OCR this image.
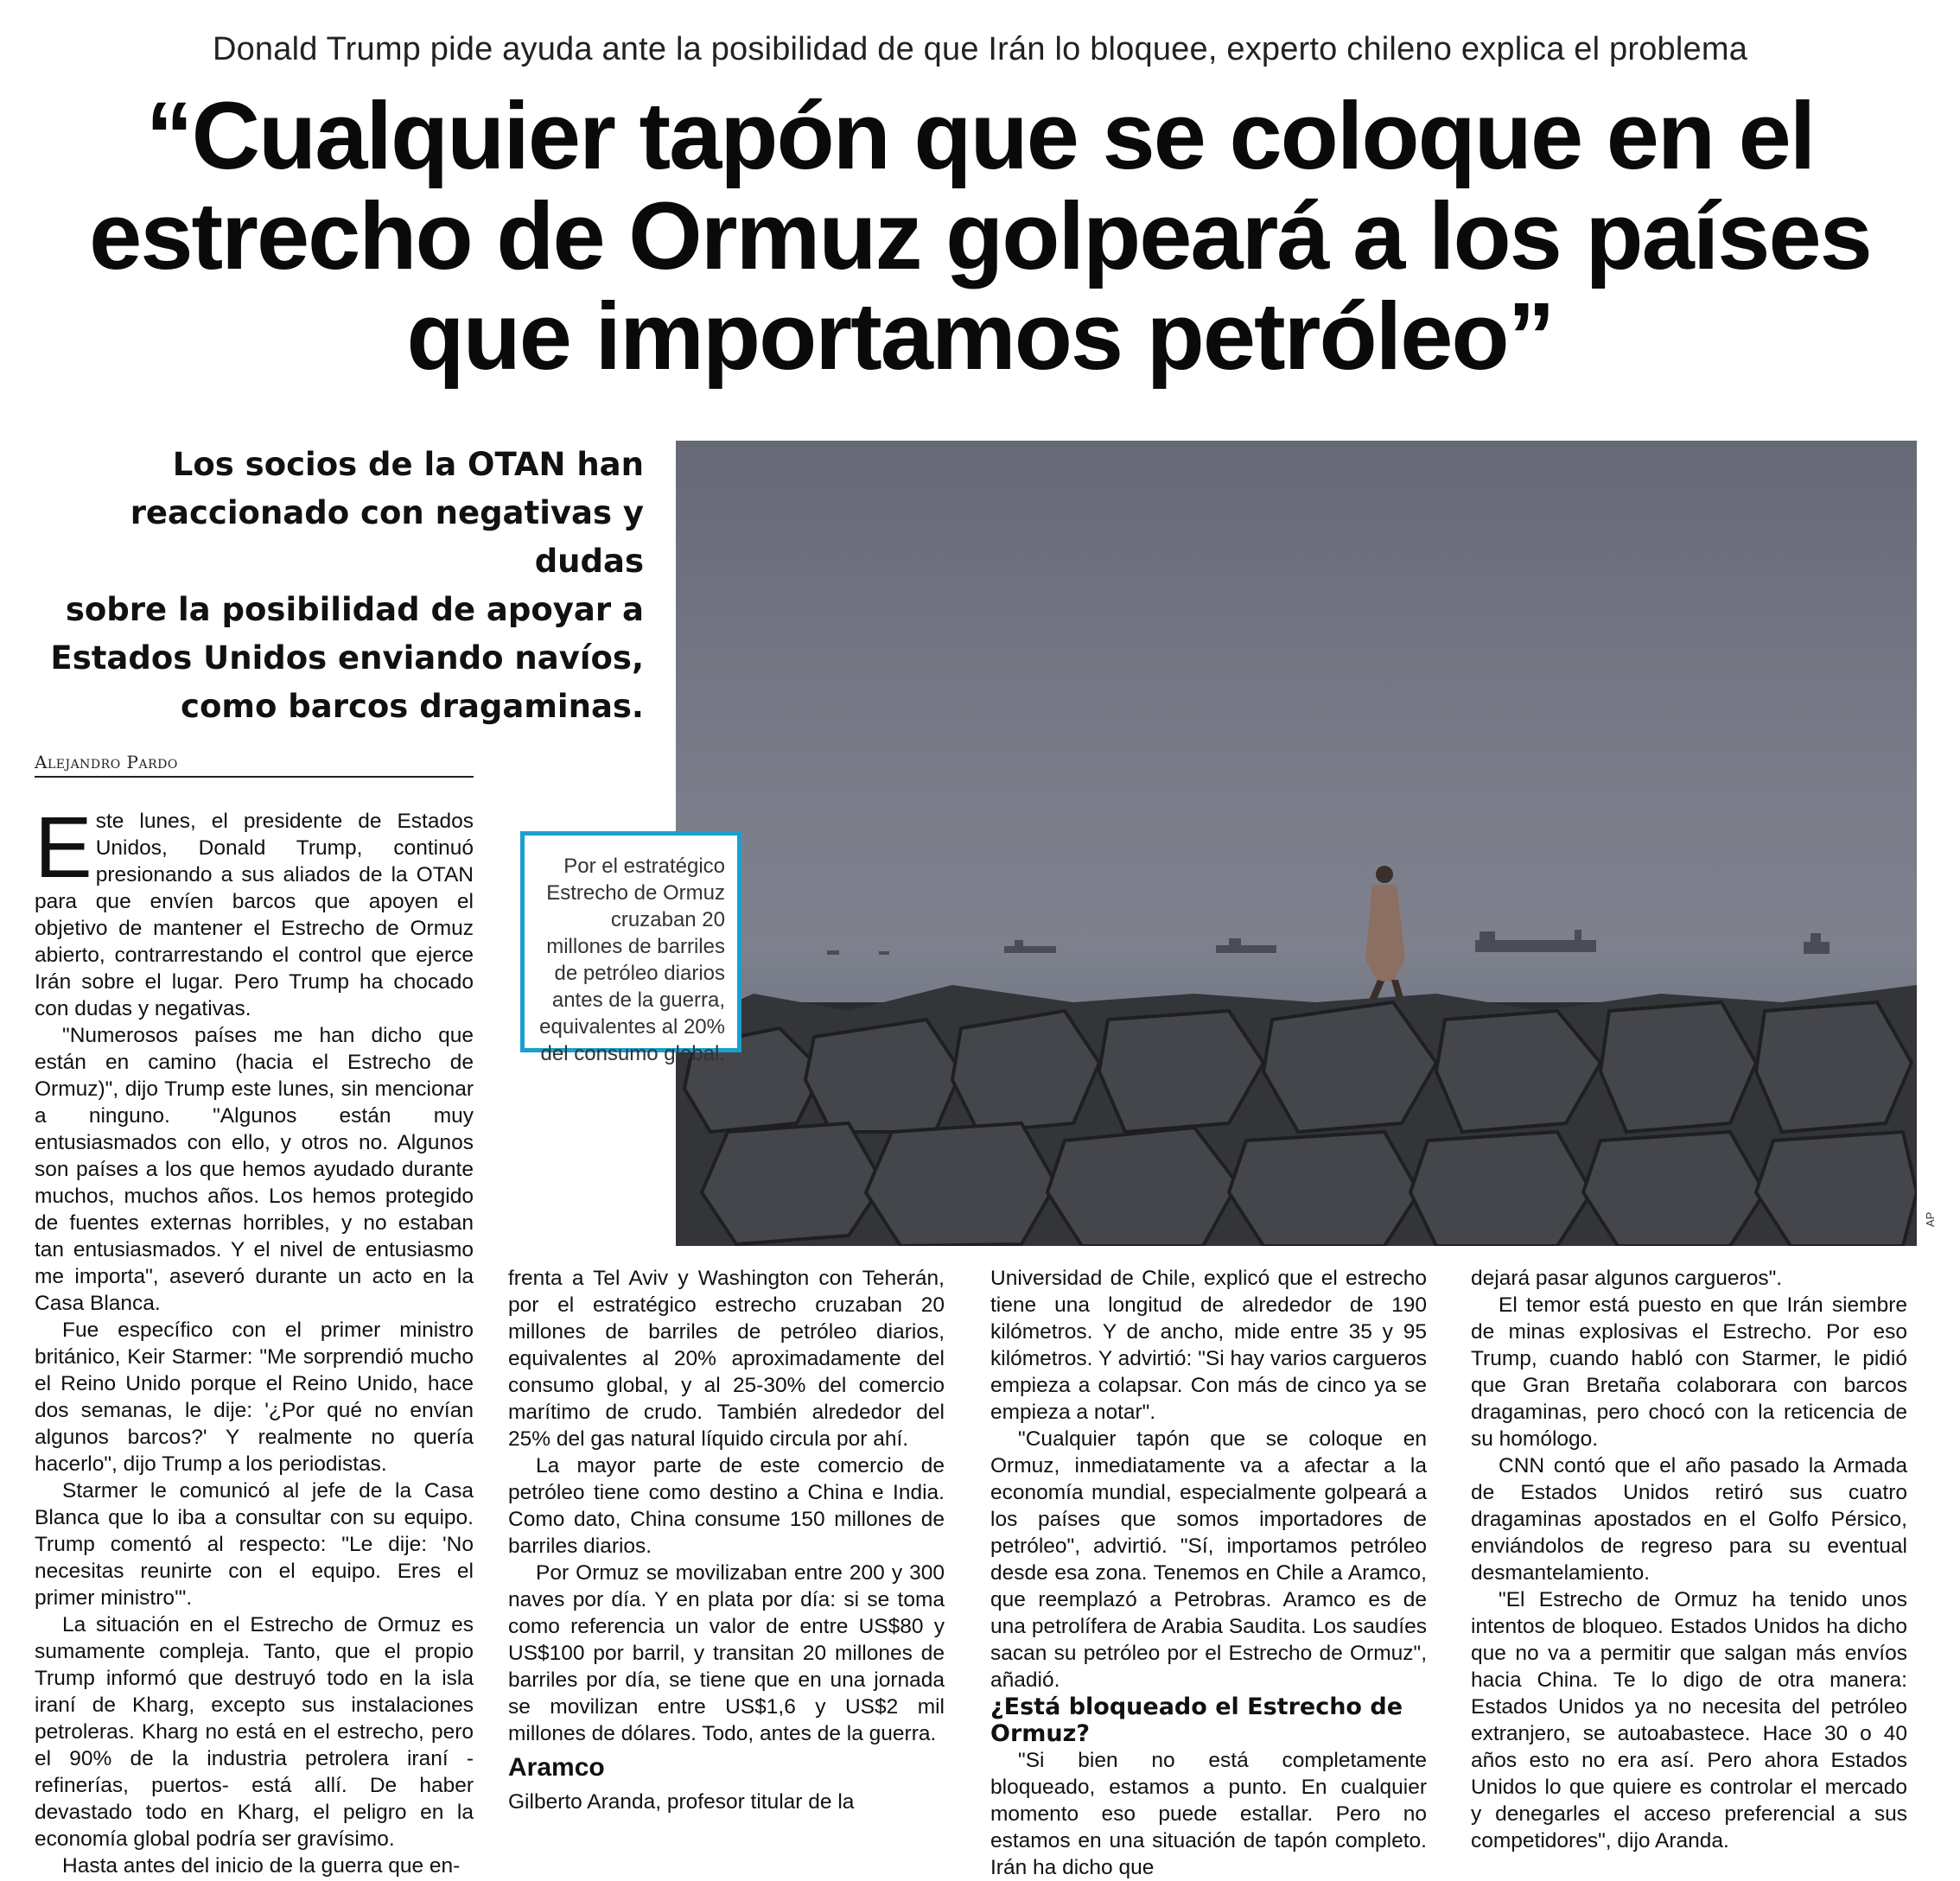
Donald Trump pide ayuda ante la posibilidad de que Irán lo bloquee, experto chileno explica el problema
“Cualquier tapón que se coloque en el
estrecho de Ormuz golpeará a los países
que importamos petróleo”
Los socios de la OTAN han
reaccionado con negativas y dudas
sobre la posibilidad de apoyar a
Estados Unidos enviando navíos,
como barcos dragaminas.
AP
Por el estratégico
Estrecho de Ormuz
cruzaban 20
millones de barriles
de petróleo diarios
antes de la guerra,
equivalentes al 20%
del consumo global.
Alejandro Pardo

Este lunes, el presidente de Estados Unidos, Donald Trump, continuó presionando a sus aliados de la OTAN para que envíen barcos que apoyen el objetivo de mantener el Estrecho de Ormuz abierto, contrarrestando el control que ejerce Irán sobre el lugar. Pero Trump ha chocado con dudas y negativas.

"Numerosos países me han dicho que están en camino (hacia el Estrecho de Ormuz)", dijo Trump este lunes, sin mencionar a ninguno. "Algunos están muy entusiasmados con ello, y otros no. Algunos son países a los que hemos ayudado durante muchos, muchos años. Los hemos protegido de fuentes externas horribles, y no estaban tan entusiasmados. Y el nivel de entusiasmo me importa", aseveró durante un acto en la Casa Blanca.

Fue específico con el primer ministro británico, Keir Starmer: "Me sorprendió mucho el Reino Unido porque el Reino Unido, hace dos semanas, le dije: '¿Por qué no envían algunos barcos?' Y realmente no quería hacerlo", dijo Trump a los periodistas.

Starmer le comunicó al jefe de la Casa Blanca que lo iba a consultar con su equipo. Trump comentó al respecto: "Le dije: 'No necesitas reunirte con el equipo. Eres el primer ministro'".

La situación en el Estrecho de Ormuz es sumamente compleja. Tanto, que el propio Trump informó que destruyó todo en la isla iraní de Kharg, excepto sus instalaciones petroleras. Kharg no está en el estrecho, pero el 90% de la industria petrolera iraní -refinerías, puertos- está allí. De haber devastado todo en Kharg, el peligro en la economía global podría ser gravísimo.

Hasta antes del inicio de la guerra que en-

frenta a Tel Aviv y Washington con Teherán, por el estratégico estrecho cruzaban 20 millones de barriles de petróleo diarios, equivalentes al 20% aproximadamente del consumo global, y al 25-30% del comercio marítimo de crudo. También alrededor del 25% del gas natural líquido circula por ahí.

La mayor parte de este comercio de petróleo tiene como destino a China e India. Como dato, China consume 150 millones de barriles diarios.

Por Ormuz se movilizaban entre 200 y 300 naves por día. Y en plata por día: si se toma como referencia un valor de entre US$80 y US$100 por barril, y transitan 20 millones de barriles por día, se tiene que en una jornada se movilizan entre US$1,6 y US$2 mil millones de dólares. Todo, antes de la guerra.

Aramco

Gilberto Aranda, profesor titular de la

Universidad de Chile, explicó que el estrecho tiene una longitud de alrededor de 190 kilómetros. Y de ancho, mide entre 35 y 95 kilómetros. Y advirtió: "Si hay varios cargueros empieza a colapsar. Con más de cinco ya se empieza a notar".

"Cualquier tapón que se coloque en Ormuz, inmediatamente va a afectar a la economía mundial, especialmente golpeará a los países que somos importadores de petróleo", advirtió. "Sí, importamos petróleo desde esa zona. Tenemos en Chile a Aramco, que reemplazó a Petrobras. Aramco es de una petrolífera de Arabia Saudita. Los saudíes sacan su petróleo por el Estrecho de Ormuz", añadió.

¿Está bloqueado el Estrecho de Ormuz?

"Si bien no está completamente bloqueado, estamos a punto. En cualquier momento eso puede estallar. Pero no estamos en una situación de tapón completo. Irán ha dicho que

dejará pasar algunos cargueros".

El temor está puesto en que Irán siembre de minas explosivas el Estrecho. Por eso Trump, cuando habló con Starmer, le pidió que Gran Bretaña colaborara con barcos dragaminas, pero chocó con la reticencia de su homólogo.

CNN contó que el año pasado la Armada de Estados Unidos retiró sus cuatro dragaminas apostados en el Golfo Pérsico, enviándolos de regreso para su eventual desmantelamiento.

"El Estrecho de Ormuz ha tenido unos intentos de bloqueo. Estados Unidos ha dicho que no va a permitir que salgan más envíos hacia China. Te lo digo de otra manera: Estados Unidos ya no necesita del petróleo extranjero, se autoabastece. Hace 30 o 40 años esto no era así. Pero ahora Estados Unidos lo que quiere es controlar el mercado y denegarles el acceso preferencial a sus competidores", dijo Aranda.
